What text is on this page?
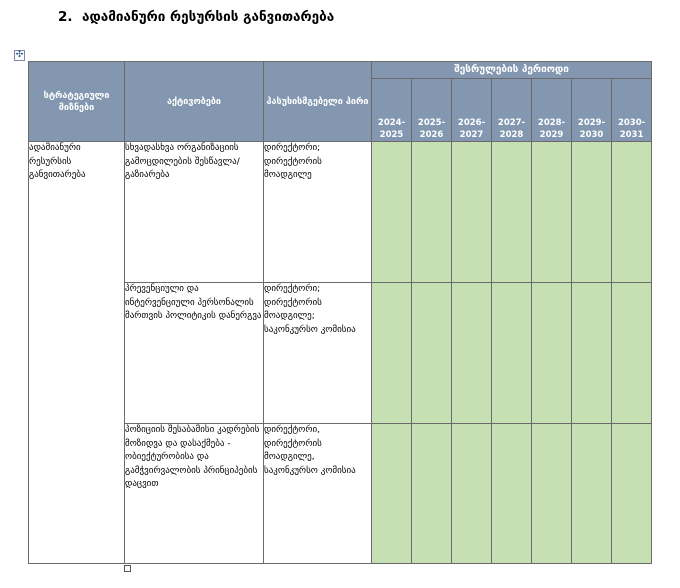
2. ადამიანური რესურსის განვითარება
✣
სტრატეგიული მიზნები	აქტივობები	პასუხისმგებელი პირი	შესრულების პერიოდი						
			2024-2025	2025-2026	2026-2027	2027-2028	2028-2029	2029-2030	2030-2031
ადამიანური რესურსის განვითარება	სხვადასხვა ორგანიზაციის გამოცდილების შესწავლა/გაზიარება	დირექტორი; დირექტორის მოადგილე							
	პრევენციული და ინტერვენციული პერსონალის მართვის პოლიტიკის დანერგვა	დირექტორი; დირექტორის მოადგილე; საკონკურსო კომისია							
	პოზიციის შესაბამისი კადრების მოზიდვა და დასაქმება - ობიექტურობისა და გამჭვირვალობის პრინციპების დაცვით	დირექტორი, დირექტორის მოადგილე, საკონკურსო კომისია							
